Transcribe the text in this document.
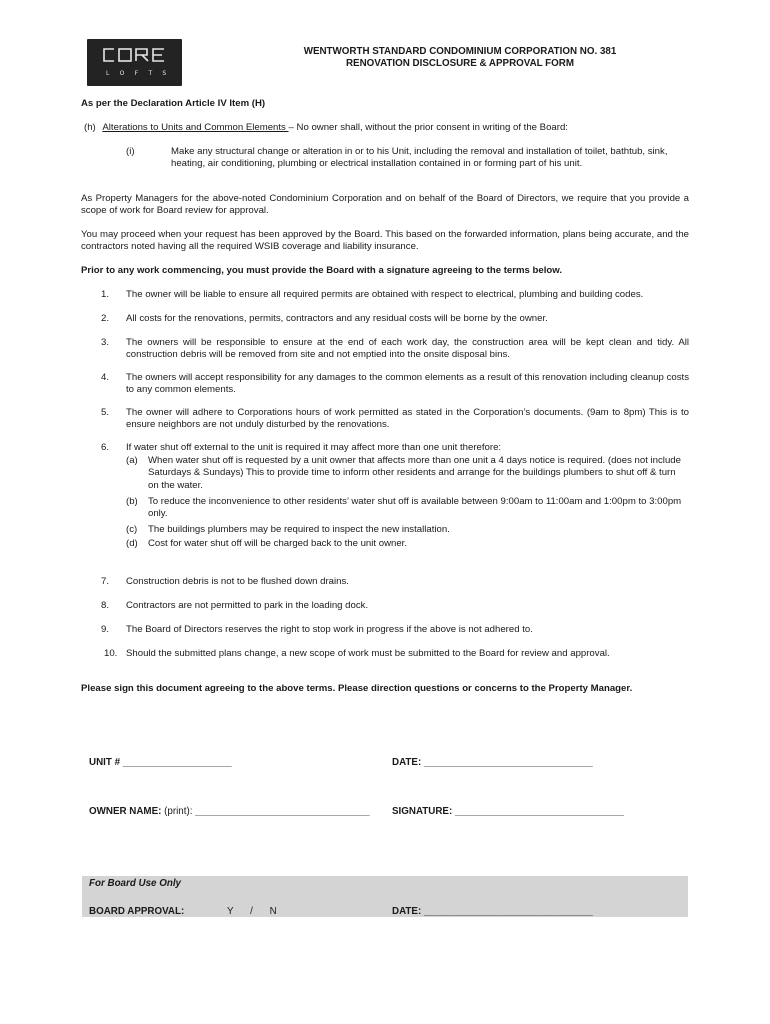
L O F T S
WENTWORTH STANDARD CONDOMINIUM CORPORATION NO. 381
RENOVATION DISCLOSURE & APPROVAL FORM
As per the Declaration Article IV Item (H)
(h) Alterations to Units and Common Elements – No owner shall, without the prior consent in writing of the Board:
(i)	Make any structural change or alteration in or to his Unit, including the removal and installation of toilet, bathtub, sink, heating, air conditioning, plumbing or electrical installation contained in or forming part of his unit.
As Property Managers for the above-noted Condominium Corporation and on behalf of the Board of Directors, we require that you provide a scope of work for Board review for approval.
You may proceed when your request has been approved by the Board. This based on the forwarded information, plans being accurate, and the contractors noted having all the required WSIB coverage and liability insurance.
Prior to any work commencing, you must provide the Board with a signature agreeing to the terms below.
1. The owner will be liable to ensure all required permits are obtained with respect to electrical, plumbing and building codes.
2. All costs for the renovations, permits, contractors and any residual costs will be borne by the owner.
3. The owners will be responsible to ensure at the end of each work day, the construction area will be kept clean and tidy. All construction debris will be removed from site and not emptied into the onsite disposal bins.
4. The owners will accept responsibility for any damages to the common elements as a result of this renovation including cleanup costs to any common elements.
5. The owner will adhere to Corporations hours of work permitted as stated in the Corporation’s documents. (9am to 8pm) This is to ensure neighbors are not unduly disturbed by the renovations.
6. If water shut off external to the unit is required it may affect more than one unit therefore:
(a) When water shut off is requested by a unit owner that affects more than one unit a 4 days notice is required. (does not include Saturdays & Sundays) This to provide time to inform other residents and arrange for the buildings plumbers to shut off & turn on the water.
(b) To reduce the inconvenience to other residents’ water shut off is available between 9:00am to 11:00am and 1:00pm to 3:00pm only.
(c) The buildings plumbers may be required to inspect the new installation.
(d) Cost for water shut off will be charged back to the unit owner.
7. Construction debris is not to be flushed down drains.
8. Contractors are not permitted to park in the loading dock.
9. The Board of Directors reserves the right to stop work in progress if the above is not adhered to.
10. Should the submitted plans change, a new scope of work must be submitted to the Board for review and approval.
Please sign this document agreeing to the above terms. Please direction questions or concerns to the Property Manager.
UNIT # ____________________	DATE: _______________________________
OWNER NAME: (print): ________________________________ SIGNATURE: _______________________________
For Board Use Only
BOARD APPROVAL:	Y / N	DATE: _______________________________
